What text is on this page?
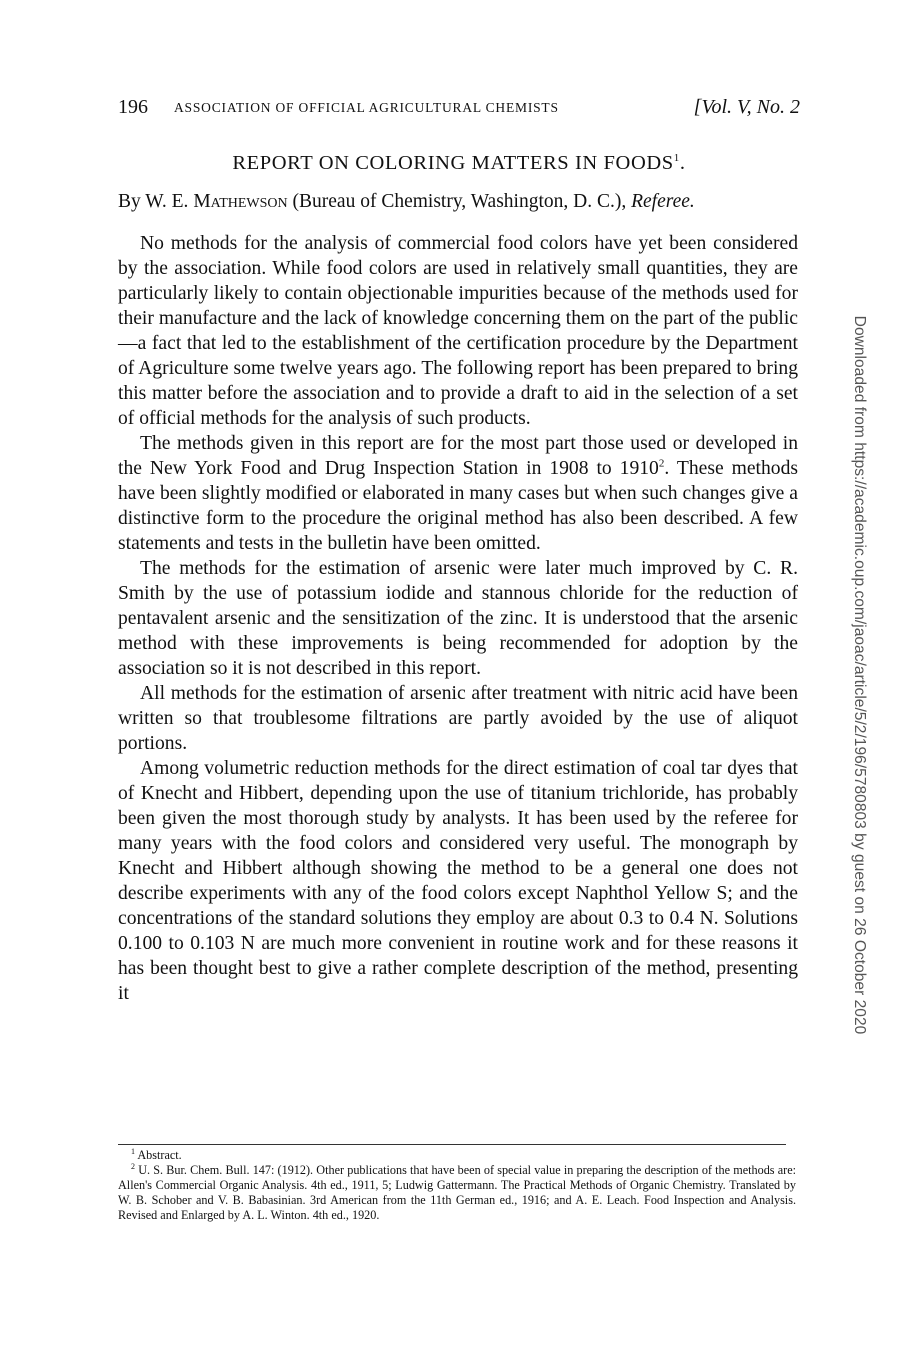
196 ASSOCIATION OF OFFICIAL AGRICULTURAL CHEMISTS	[Vol. V, No. 2
REPORT ON COLORING MATTERS IN FOODS$^1$.
By W. E. Mathewson (Bureau of Chemistry, Washington, D. C.), Referee.

No methods for the analysis of commercial food colors have yet been considered by the association. While food colors are used in relatively small quantities, they are particularly likely to contain objectionable impurities because of the methods used for their manufacture and the lack of knowledge concerning them on the part of the public—a fact that led to the establishment of the certification procedure by the Department of Agriculture some twelve years ago. The following report has been prepared to bring this matter before the association and to provide a draft to aid in the selection of a set of official methods for the analysis of such products.

The methods given in this report are for the most part those used or developed in the New York Food and Drug Inspection Station in 1908 to 1910$^2$. These methods have been slightly modified or elaborated in many cases but when such changes give a distinctive form to the procedure the original method has also been described. A few statements and tests in the bulletin have been omitted.

The methods for the estimation of arsenic were later much improved by C. R. Smith by the use of potassium iodide and stannous chloride for the reduction of pentavalent arsenic and the sensitization of the zinc. It is understood that the arsenic method with these improvements is being recommended for adoption by the association so it is not described in this report.

All methods for the estimation of arsenic after treatment with nitric acid have been written so that troublesome filtrations are partly avoided by the use of aliquot portions.

Among volumetric reduction methods for the direct estimation of coal tar dyes that of Knecht and Hibbert, depending upon the use of titanium trichloride, has probably been given the most thorough study by analysts. It has been used by the referee for many years with the food colors and considered very useful. The monograph by Knecht and Hibbert although showing the method to be a general one does not describe experiments with any of the food colors except Naphthol Yellow S; and the concentrations of the standard solutions they employ are about 0.3 to 0.4 N. Solutions 0.100 to 0.103 N are much more convenient in routine work and for these reasons it has been thought best to give a rather complete description of the method, presenting it

$^1$ Abstract.

$^2$ U. S. Bur. Chem. Bull. 147: (1912). Other publications that have been of special value in preparing the description of the methods are: Allen's Commercial Organic Analysis. 4th ed., 1911, 5; Ludwig Gattermann. The Practical Methods of Organic Chemistry. Translated by W. B. Schober and V. B. Babasinian. 3rd American from the 11th German ed., 1916; and A. E. Leach. Food Inspection and Analysis. Revised and Enlarged by A. L. Winton. 4th ed., 1920.

Downloaded from https://academic.oup.com/jaoac/article/5/2/196/5780803 by guest on 26 October 2020
